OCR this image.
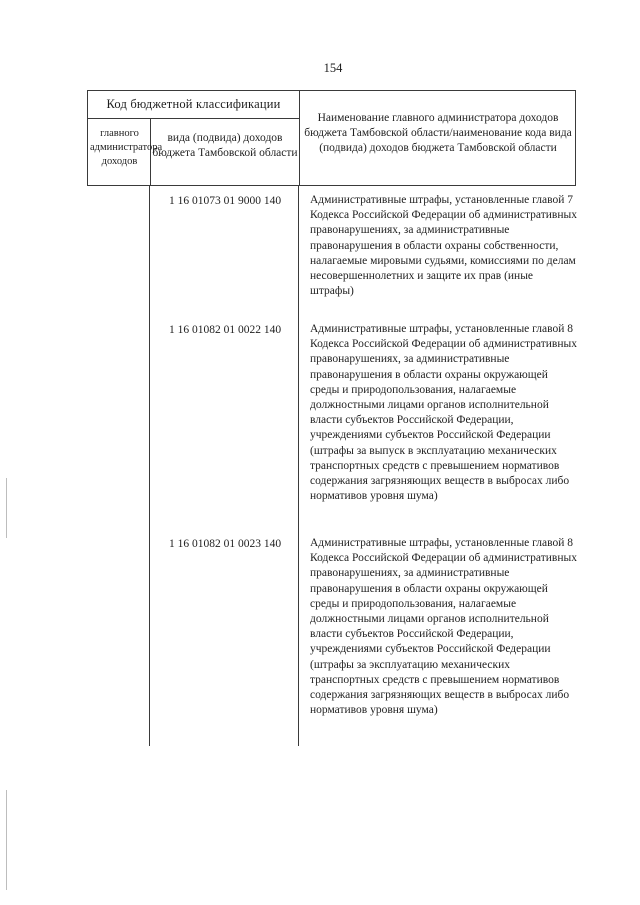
154
Код бюджетной классификации
главного администратора доходов
вида (подвида) доходов бюджета Тамбовской области
Наименование главного администратора доходов бюджета Тамбовской области/наименование кода вида (подвида) доходов бюджета Тамбовской области
1 16 01073 01 9000 140	Административные штрафы, установленные главой 7 Кодекса Российской Федерации об административных правонарушениях, за административные правонарушения в области охраны собственности, налагаемые мировыми судьями, комиссиями по делам несовершеннолетних и защите их прав (иные штрафы)
1 16 01082 01 0022 140	Административные штрафы, установленные главой 8 Кодекса Российской Федерации об административных правонарушениях, за административные правонарушения в области охраны окружающей среды и природопользования, налагаемые должностными лицами органов исполнительной власти субъектов Российской Федерации, учреждениями субъектов Российской Федерации (штрафы за выпуск в эксплуатацию механических транспортных средств с превышением нормативов содержания загрязняющих веществ в выбросах либо нормативов уровня шума)
1 16 01082 01 0023 140	Административные штрафы, установленные главой 8 Кодекса Российской Федерации об административных правонарушениях, за административные правонарушения в области охраны окружающей среды и природопользования, налагаемые должностными лицами органов исполнительной власти субъектов Российской Федерации, учреждениями субъектов Российской Федерации (штрафы за эксплуатацию механических транспортных средств с превышением нормативов содержания загрязняющих веществ в выбросах либо нормативов уровня шума)
